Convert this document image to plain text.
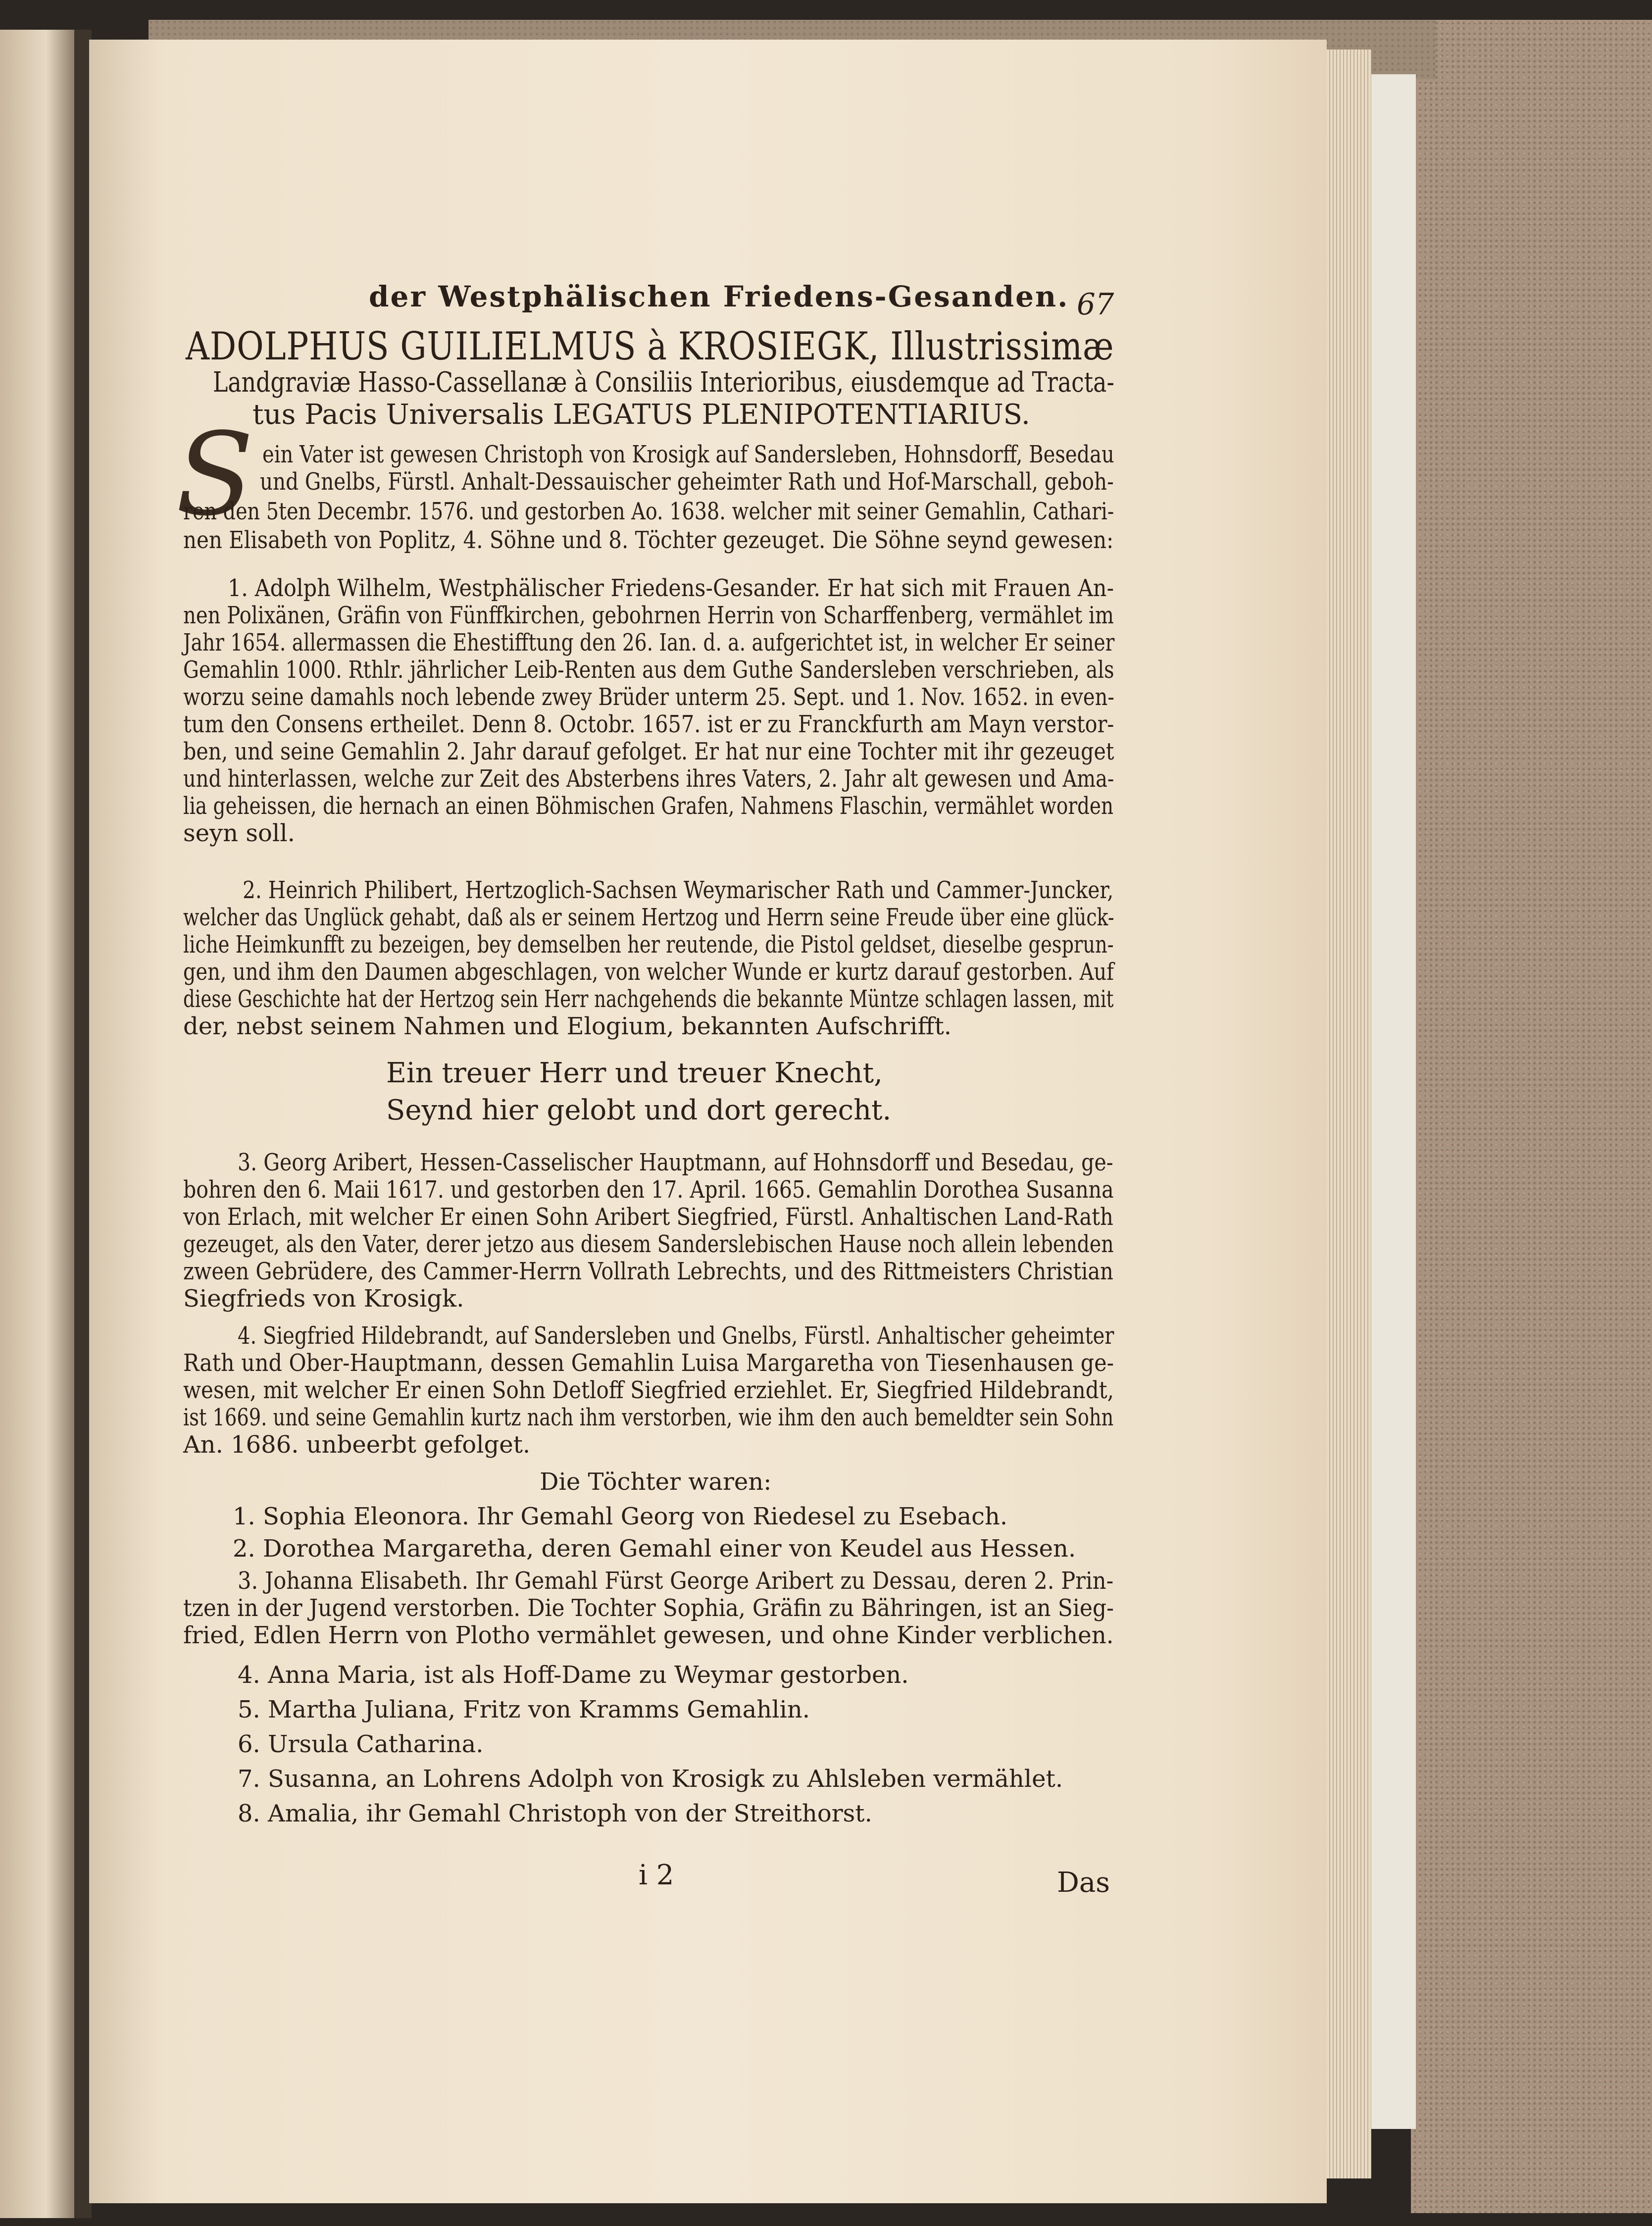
der Westphälischen Friedens-Gesanden. 67

ADOLPHUS GUILIELMUS à KROSIEGK, Illustrissimæ

Landgraviæ Hasso-Cassellanæ à Consiliis Interioribus, eiusdemque ad Tracta-

tus Pacis Universalis LEGATUS PLENIPOTENTIARIUS.

S ein Vater ist gewesen Christoph von Krosigk auf Sandersleben, Hohnsdorff, Besedau

und Gnelbs, Fürstl. Anhalt-Dessauischer geheimter Rath und Hof-Marschall, geboh-

ren den 5ten Decembr. 1576. und gestorben Ao. 1638. welcher mit seiner Gemahlin, Cathari-

nen Elisabeth von Poplitz, 4. Söhne und 8. Töchter gezeuget. Die Söhne seynd gewesen:

1. Adolph Wilhelm, Westphälischer Friedens-Gesander. Er hat sich mit Frauen An-

nen Polixänen, Gräfin von Fünffkirchen, gebohrnen Herrin von Scharffenberg, vermählet im

Jahr 1654. allermassen die Ehestifftung den 26. Ian. d. a. aufgerichtet ist, in welcher Er seiner

Gemahlin 1000. Rthlr. jährlicher Leib-Renten aus dem Guthe Sandersleben verschrieben, als

worzu seine damahls noch lebende zwey Brüder unterm 25. Sept. und 1. Nov. 1652. in even-

tum den Consens ertheilet. Denn 8. Octobr. 1657. ist er zu Franckfurth am Mayn verstor-

ben, und seine Gemahlin 2. Jahr darauf gefolget. Er hat nur eine Tochter mit ihr gezeuget

und hinterlassen, welche zur Zeit des Absterbens ihres Vaters, 2. Jahr alt gewesen und Ama-

lia geheissen, die hernach an einen Böhmischen Grafen, Nahmens Flaschin, vermählet worden

seyn soll.

2. Heinrich Philibert, Hertzoglich-Sachsen Weymarischer Rath und Cammer-Juncker,

welcher das Unglück gehabt, daß als er seinem Hertzog und Herrn seine Freude über eine glück-

liche Heimkunfft zu bezeigen, bey demselben her reutende, die Pistol geldset, dieselbe gesprun-

gen, und ihm den Daumen abgeschlagen, von welcher Wunde er kurtz darauf gestorben. Auf

diese Geschichte hat der Hertzog sein Herr nachgehends die bekannte Müntze schlagen lassen, mit

der, nebst seinem Nahmen und Elogium, bekannten Aufschrifft.

Ein treuer Herr und treuer Knecht,

Seynd hier gelobt und dort gerecht.

3. Georg Aribert, Hessen-Casselischer Hauptmann, auf Hohnsdorff und Besedau, ge-

bohren den 6. Maii 1617. und gestorben den 17. April. 1665. Gemahlin Dorothea Susanna

von Erlach, mit welcher Er einen Sohn Aribert Siegfried, Fürstl. Anhaltischen Land-Rath

gezeuget, als den Vater, derer jetzo aus diesem Sanderslebischen Hause noch allein lebenden

zween Gebrüdere, des Cammer-Herrn Vollrath Lebrechts, und des Rittmeisters Christian

Siegfrieds von Krosigk.

4. Siegfried Hildebrandt, auf Sandersleben und Gnelbs, Fürstl. Anhaltischer geheimter

Rath und Ober-Hauptmann, dessen Gemahlin Luisa Margaretha von Tiesenhausen ge-

wesen, mit welcher Er einen Sohn Detloff Siegfried erziehlet. Er, Siegfried Hildebrandt,

ist 1669. und seine Gemahlin kurtz nach ihm verstorben, wie ihm den auch bemeldter sein Sohn

An. 1686. unbeerbt gefolget.

Die Töchter waren:

1. Sophia Eleonora. Ihr Gemahl Georg von Riedesel zu Esebach.

2. Dorothea Margaretha, deren Gemahl einer von Keudel aus Hessen.

3. Johanna Elisabeth. Ihr Gemahl Fürst George Aribert zu Dessau, deren 2. Prin-

tzen in der Jugend verstorben. Die Tochter Sophia, Gräfin zu Bähringen, ist an Sieg-

fried, Edlen Herrn von Plotho vermählet gewesen, und ohne Kinder verblichen.

4. Anna Maria, ist als Hoff-Dame zu Weymar gestorben.

5. Martha Juliana, Fritz von Kramms Gemahlin.

6. Ursula Catharina.

7. Susanna, an Lohrens Adolph von Krosigk zu Ahlsleben vermählet.

8. Amalia, ihr Gemahl Christoph von der Streithorst.

i 2	Das
